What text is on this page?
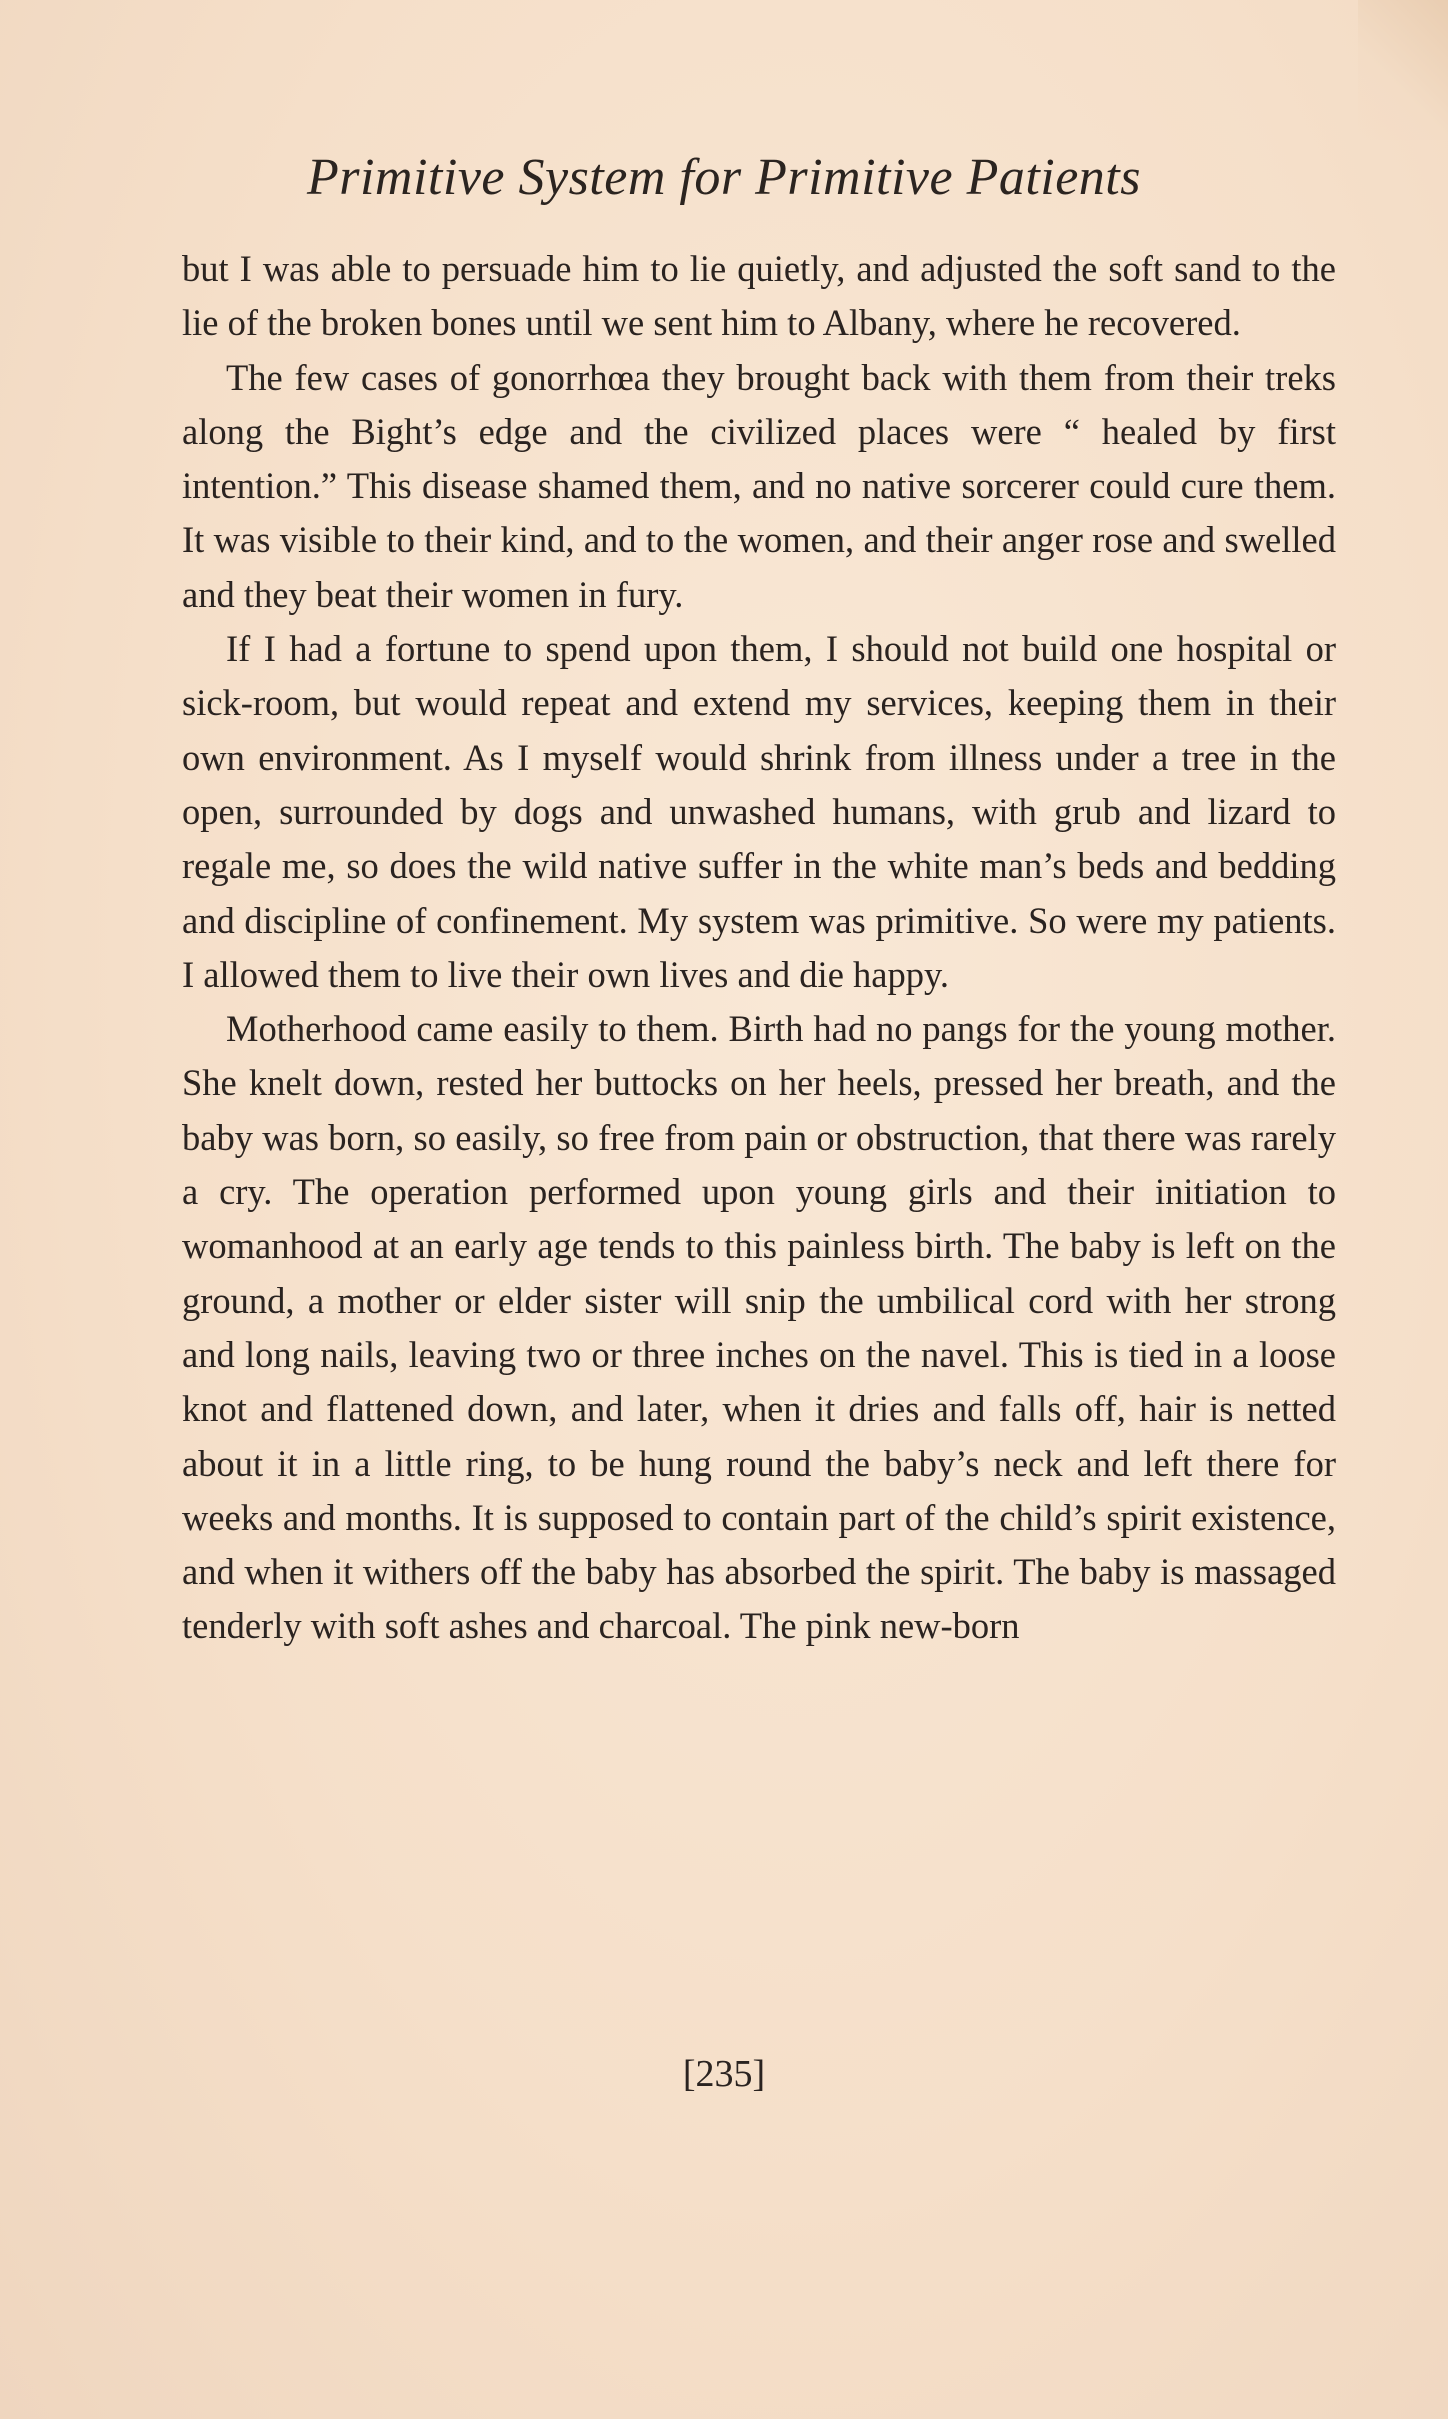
Primitive System for Primitive Patients

but I was able to persuade him to lie quietly, and adjusted the soft sand to the lie of the broken bones until we sent him to Albany, where he recovered.

The few cases of gonorrhœa they brought back with them from their treks along the Bight’s edge and the civilized places were “ healed by first intention.” This disease shamed them, and no native sorcerer could cure them. It was visible to their kind, and to the women, and their anger rose and swelled and they beat their women in fury.

If I had a fortune to spend upon them, I should not build one hospital or sick-room, but would repeat and extend my services, keeping them in their own environment. As I myself would shrink from illness under a tree in the open, surrounded by dogs and unwashed humans, with grub and lizard to regale me, so does the wild native suffer in the white man’s beds and bedding and discipline of confinement. My system was primitive. So were my patients. I allowed them to live their own lives and die happy.

Motherhood came easily to them. Birth had no pangs for the young mother. She knelt down, rested her buttocks on her heels, pressed her breath, and the baby was born, so easily, so free from pain or obstruction, that there was rarely a cry. The operation performed upon young girls and their initiation to womanhood at an early age tends to this painless birth. The baby is left on the ground, a mother or elder sister will snip the umbilical cord with her strong and long nails, leaving two or three inches on the navel. This is tied in a loose knot and flattened down, and later, when it dries and falls off, hair is netted about it in a little ring, to be hung round the baby’s neck and left there for weeks and months. It is supposed to contain part of the child’s spirit existence, and when it withers off the baby has absorbed the spirit. The baby is massaged tenderly with soft ashes and charcoal. The pink new-born

[235]
